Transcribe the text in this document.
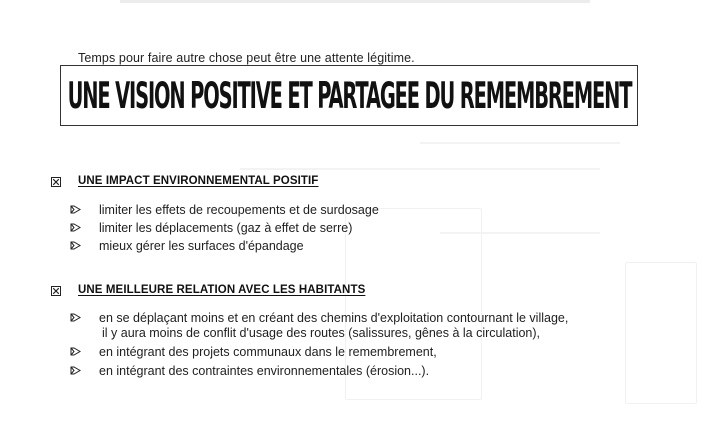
Temps pour faire autre chose peut être une attente légitime.
UNE VISION POSITIVE ET PARTAGEE DU REMEMBREMENT
UNE IMPACT ENVIRONNEMENTAL POSITIF
limiter les effets de recoupements et de surdosage
limiter les déplacements (gaz à effet de serre)
mieux gérer les surfaces d'épandage
UNE MEILLEURE RELATION AVEC LES HABITANTS
en se déplaçant moins et en créant des chemins d'exploitation contournant le village,
il y aura moins de conflit d'usage des routes (salissures, gênes à la circulation),
en intégrant des projets communaux dans le remembrement,
en intégrant des contraintes environnementales (érosion...).
